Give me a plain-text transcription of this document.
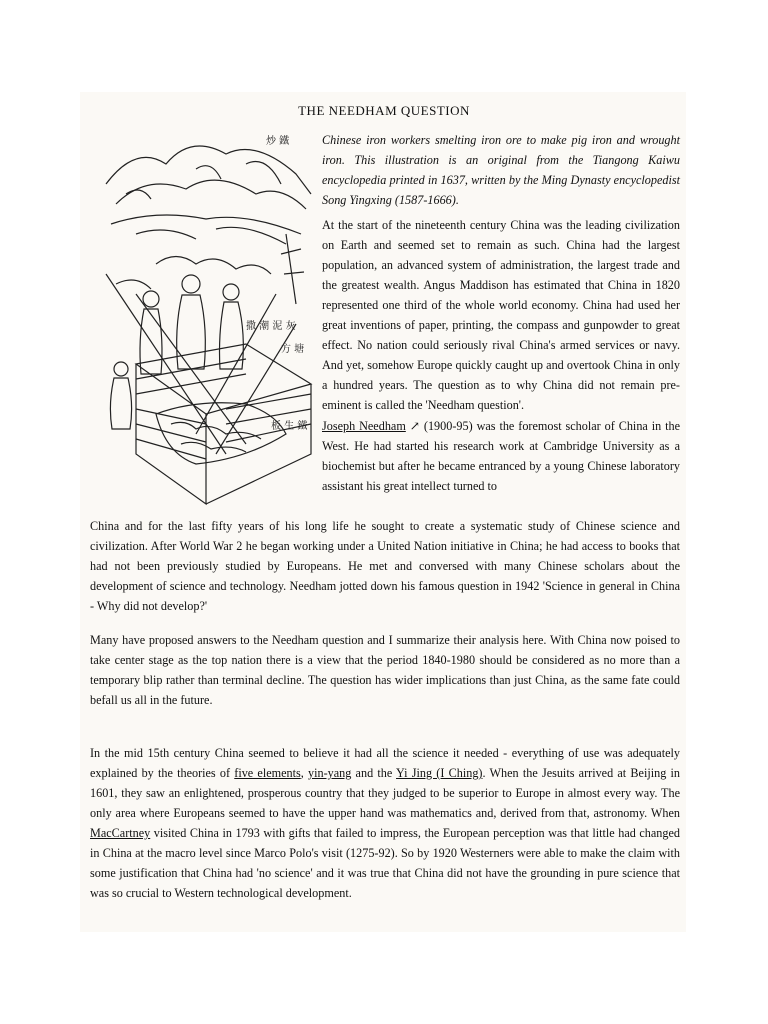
THE NEEDHAM QUESTION
炒 鐵
撒 潮 泥 灰
方 塘
板 生 鐵

Chinese iron workers smelting iron ore to make pig iron and wrought iron. This illustration is an original from the Tiangong Kaiwu encyclopedia printed in 1637, written by the Ming Dynasty encyclopedist Song Yingxing (1587-1666).

At the start of the nineteenth century China was the leading civilization on Earth and seemed set to remain as such. China had the largest population, an advanced system of administration, the largest trade and the greatest wealth. Angus Maddison has estimated that China in 1820 represented one third of the whole world economy. China had used her great inventions of paper, printing, the compass and gunpowder to great effect. No nation could seriously rival China's armed services or navy. And yet, somehow Europe quickly caught up and overtook China in only a hundred years. The question as to why China did not remain pre-eminent is called the 'Needham question'.

Joseph Needham ↗ (1900-95) was the foremost scholar of China in the West. He had started his research work at Cambridge University as a biochemist but after he became entranced by a young Chinese laboratory assistant his great intellect turned to

China and for the last fifty years of his long life he sought to create a systematic study of Chinese science and civilization. After World War 2 he began working under a United Nation initiative in China; he had access to books that had not been previously studied by Europeans. He met and conversed with many Chinese scholars about the development of science and technology. Needham jotted down his famous question in 1942 'Science in general in China - Why did not develop?'

Many have proposed answers to the Needham question and I summarize their analysis here. With China now poised to take center stage as the top nation there is a view that the period 1840-1980 should be considered as no more than a temporary blip rather than terminal decline. The question has wider implications than just China, as the same fate could befall us all in the future.

In the mid 15th century China seemed to believe it had all the science it needed - everything of use was adequately explained by the theories of five elements, yin-yang and the Yi Jing (I Ching). When the Jesuits arrived at Beijing in 1601, they saw an enlightened, prosperous country that they judged to be superior to Europe in almost every way. The only area where Europeans seemed to have the upper hand was mathematics and, derived from that, astronomy. When MacCartney visited China in 1793 with gifts that failed to impress, the European perception was that little had changed in China at the macro level since Marco Polo's visit (1275-92). So by 1920 Westerners were able to make the claim with some justification that China had 'no science' and it was true that China did not have the grounding in pure science that was so crucial to Western technological development.
